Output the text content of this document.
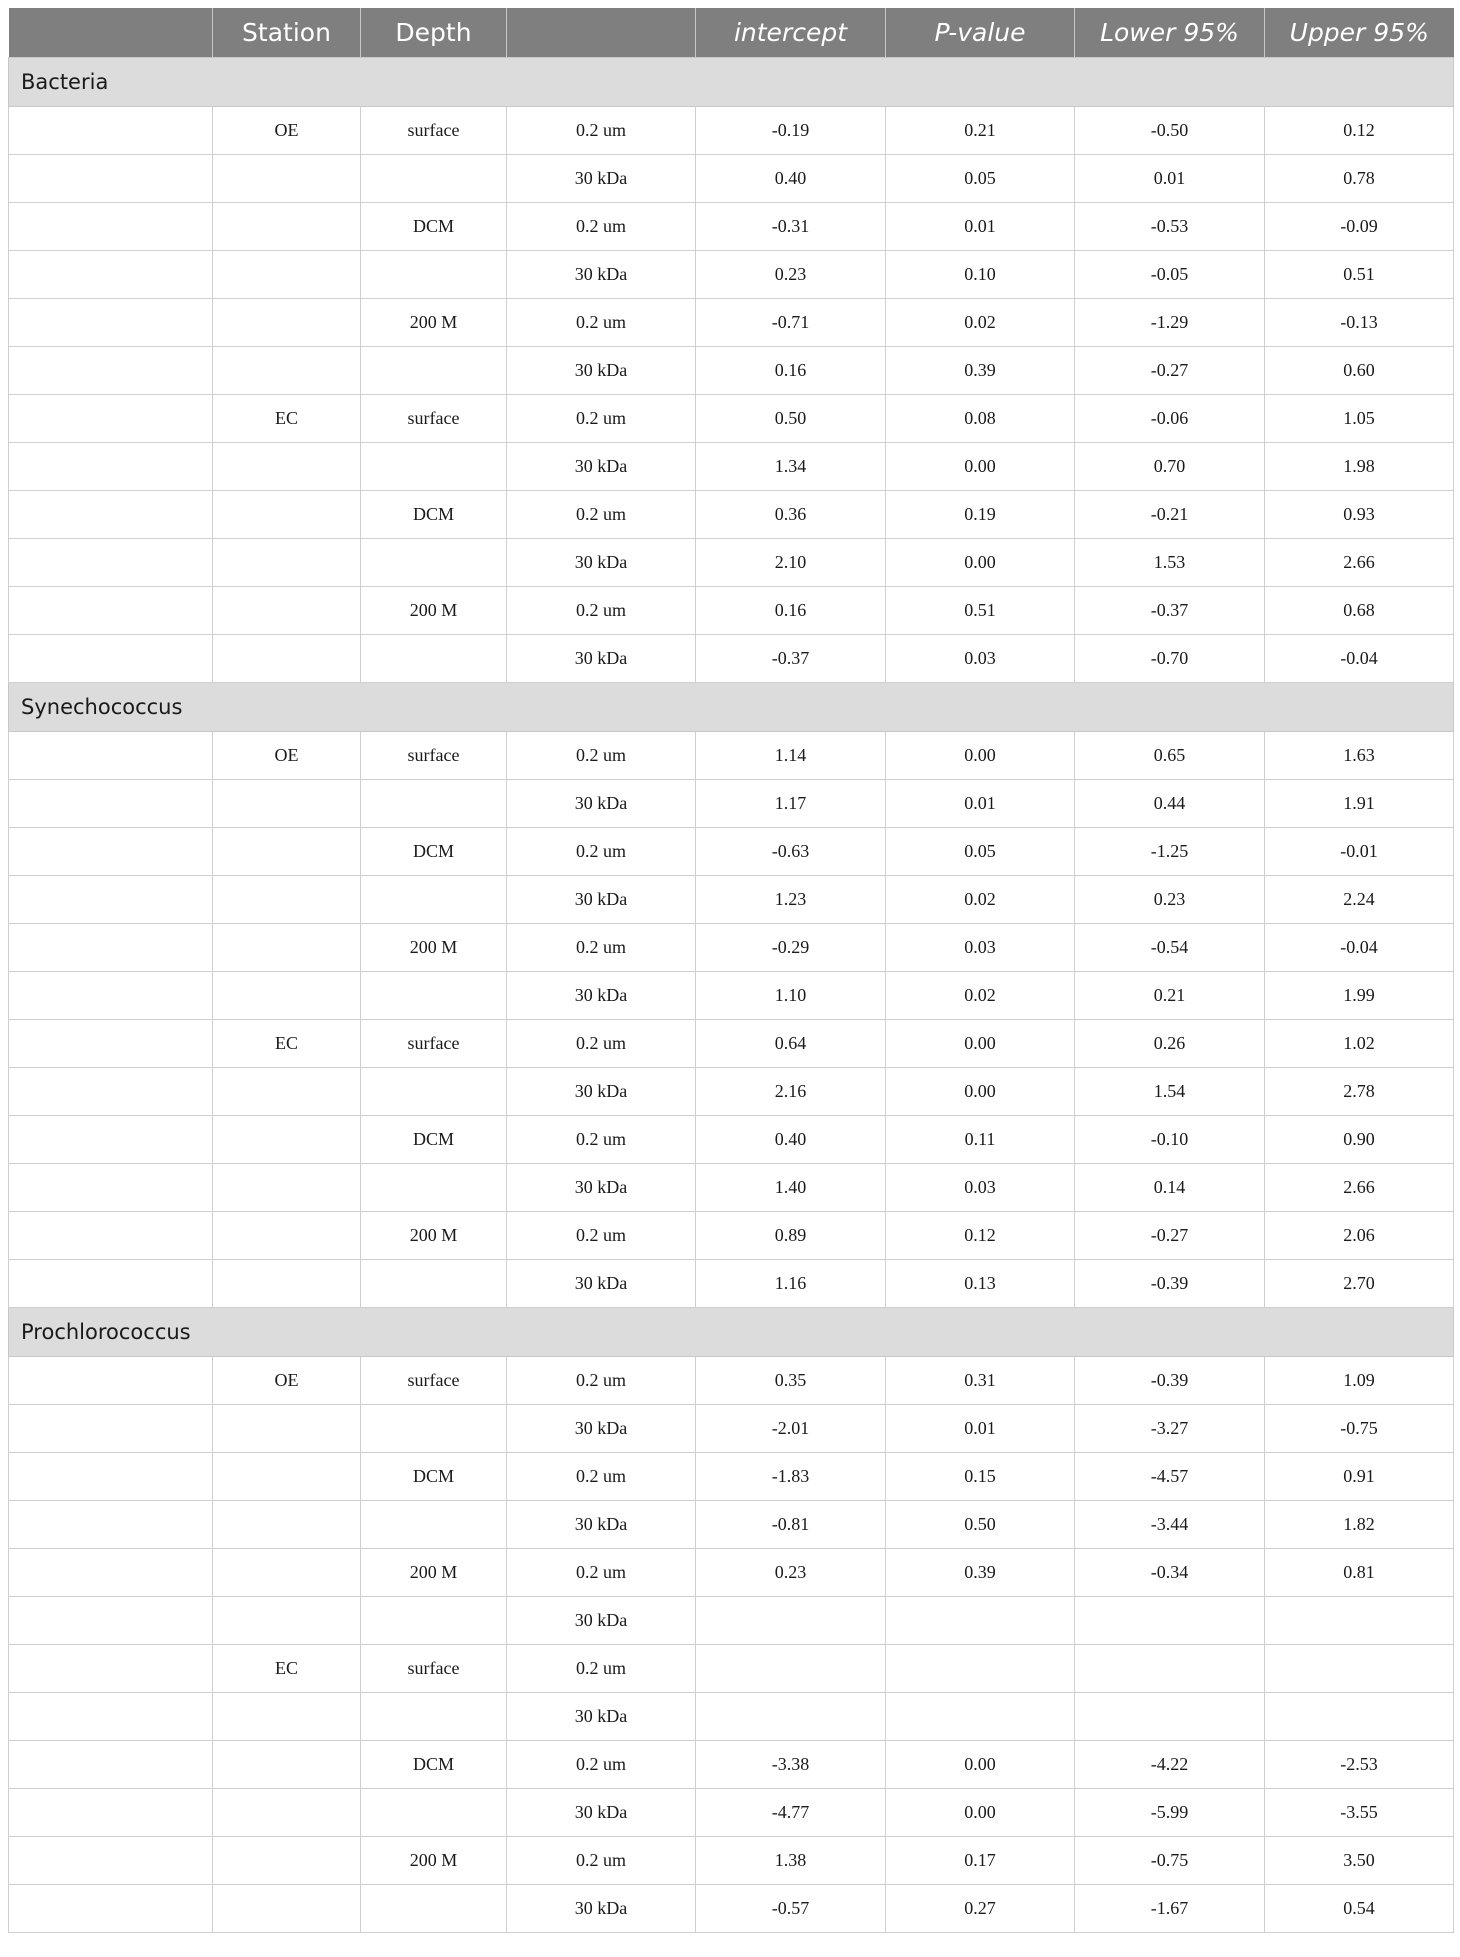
	Station	Depth		intercept	P-value	Lower 95%	Upper 95%
Bacteria							
	OE	surface	0.2 um	-0.19	0.21	-0.50	0.12
			30 kDa	0.40	0.05	0.01	0.78
		DCM	0.2 um	-0.31	0.01	-0.53	-0.09
			30 kDa	0.23	0.10	-0.05	0.51
		200 M	0.2 um	-0.71	0.02	-1.29	-0.13
			30 kDa	0.16	0.39	-0.27	0.60
	EC	surface	0.2 um	0.50	0.08	-0.06	1.05
			30 kDa	1.34	0.00	0.70	1.98
		DCM	0.2 um	0.36	0.19	-0.21	0.93
			30 kDa	2.10	0.00	1.53	2.66
		200 M	0.2 um	0.16	0.51	-0.37	0.68
			30 kDa	-0.37	0.03	-0.70	-0.04
Synechococcus							
	OE	surface	0.2 um	1.14	0.00	0.65	1.63
			30 kDa	1.17	0.01	0.44	1.91
		DCM	0.2 um	-0.63	0.05	-1.25	-0.01
			30 kDa	1.23	0.02	0.23	2.24
		200 M	0.2 um	-0.29	0.03	-0.54	-0.04
			30 kDa	1.10	0.02	0.21	1.99
	EC	surface	0.2 um	0.64	0.00	0.26	1.02
			30 kDa	2.16	0.00	1.54	2.78
		DCM	0.2 um	0.40	0.11	-0.10	0.90
			30 kDa	1.40	0.03	0.14	2.66
		200 M	0.2 um	0.89	0.12	-0.27	2.06
			30 kDa	1.16	0.13	-0.39	2.70
Prochlorococcus							
	OE	surface	0.2 um	0.35	0.31	-0.39	1.09
			30 kDa	-2.01	0.01	-3.27	-0.75
		DCM	0.2 um	-1.83	0.15	-4.57	0.91
			30 kDa	-0.81	0.50	-3.44	1.82
		200 M	0.2 um	0.23	0.39	-0.34	0.81
			30 kDa				
	EC	surface	0.2 um				
			30 kDa				
		DCM	0.2 um	-3.38	0.00	-4.22	-2.53
			30 kDa	-4.77	0.00	-5.99	-3.55
		200 M	0.2 um	1.38	0.17	-0.75	3.50
			30 kDa	-0.57	0.27	-1.67	0.54
